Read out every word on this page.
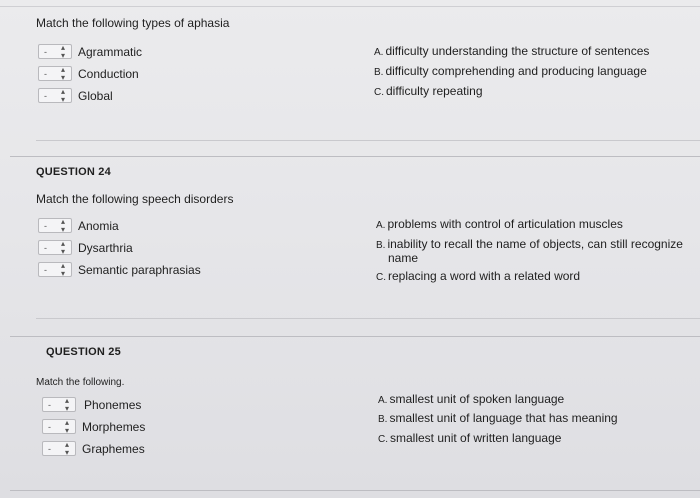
Match the following types of aphasia
- ▴
▾ Agrammatic
- ▴
▾ Conduction
- ▴
▾ Global
A. difficulty understanding the structure of sentences
B. difficulty comprehending and producing language
C. difficulty repeating
QUESTION 24
Match the following speech disorders
- ▴
▾ Anomia
- ▴
▾ Dysarthria
- ▴
▾ Semantic paraphrasias
A. problems with control of articulation muscles
B. inability to recall the name of objects, can still recognize
name
C. replacing a word with a related word
QUESTION 25
Match the following.
- ▴
▾ Phonemes
- ▴
▾ Morphemes
- ▴
▾ Graphemes
A. smallest unit of spoken language
B. smallest unit of language that has meaning
C. smallest unit of written language
